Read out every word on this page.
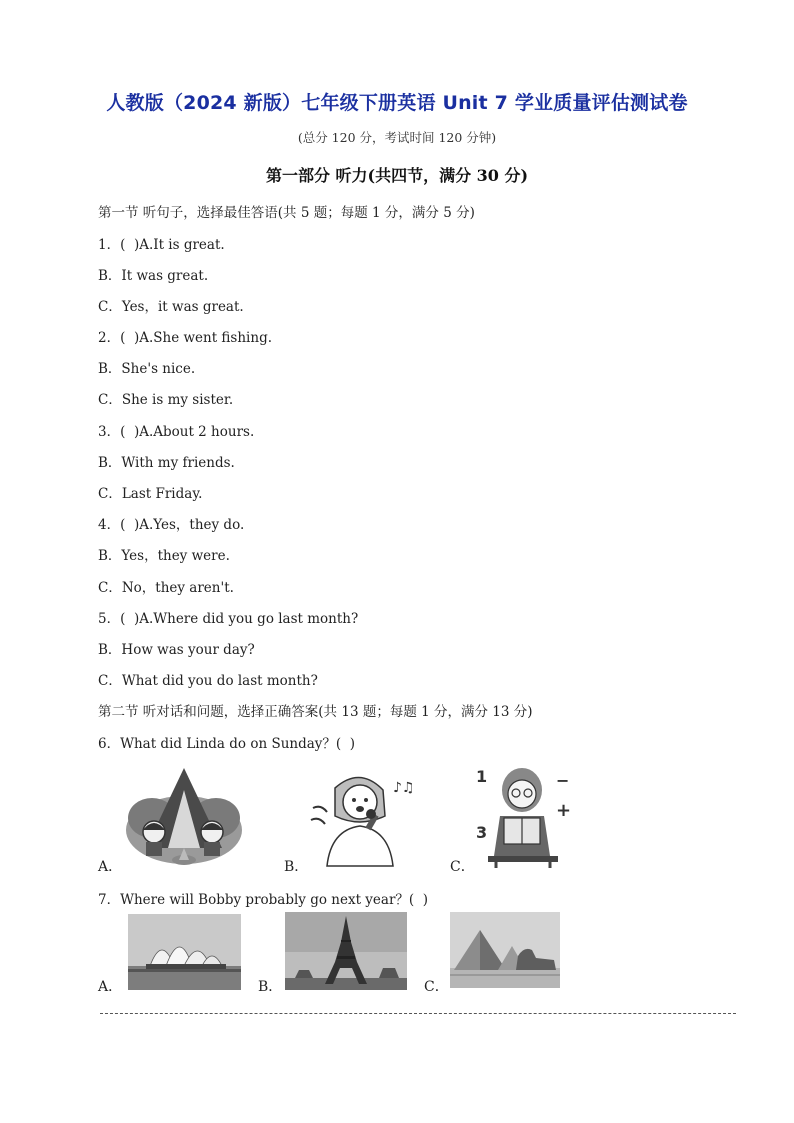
人教版（2024 新版）七年级下册英语 Unit 7 学业质量评估测试卷
(总分 120 分，考试时间 120 分钟)
第一部分 听力(共四节，满分 30 分)
第一节 听句子，选择最佳答语(共 5 题；每题 1 分，满分 5 分)
1．(  )A.It is great.
B．It was great.
C．Yes，it was great.
2．(  )A.She went fishing.
B．She's nice.
C．She is my sister.
3．(  )A.About 2 hours.
B．With my friends.
C．Last Friday.
4．(  )A.Yes，they do.
B．Yes，they were.
C．No，they aren't.
5．(  )A.Where did you go last month?
B．How was your day?
C．What did you do last month?
第二节 听对话和问题，选择正确答案(共 13 题；每题 1 分，满分 13 分)
6．What did Linda do on Sunday？(  )
A．	B．
♪♫
C．
1
3
−
+
7．Where will Bobby probably go next year？(  )
A．	B．	C．
